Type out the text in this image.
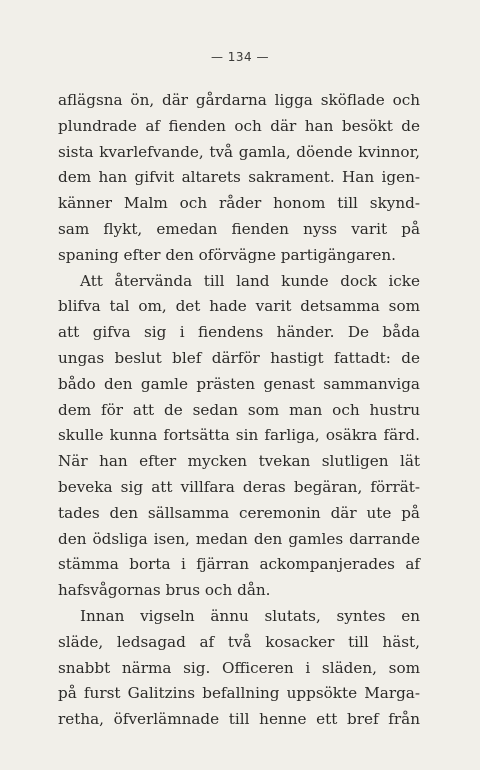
— 134 —
aflägsna ön, där gårdarna ligga sköflade och
plundrade af fienden och där han besökt de
sista kvarlefvande, två gamla, döende kvinnor,
dem han gifvit altarets sakrament. Han igen-
känner Malm och råder honom till skynd-
sam flykt, emedan fienden nyss varit på
spaning efter den oförvägne partigängaren.
Att återvända till land kunde dock icke
blifva tal om, det hade varit detsamma som
att gifva sig i fiendens händer. De båda
ungas beslut blef därför hastigt fattadt: de
bådo den gamle prästen genast sammanviga
dem för att de sedan som man och hustru
skulle kunna fortsätta sin farliga, osäkra färd.
När han efter mycken tvekan slutligen lät
beveka sig att villfara deras begäran, förrät-
tades den sällsamma ceremonin där ute på
den ödsliga isen, medan den gamles darrande
stämma borta i fjärran ackompanjerades af
hafsvågornas brus och dån.
Innan vigseln ännu slutats, syntes en
släde, ledsagad af två kosacker till häst,
snabbt närma sig. Officeren i släden, som
på furst Galitzins befallning uppsökte Marga-
retha, öfverlämnade till henne ett bref från
